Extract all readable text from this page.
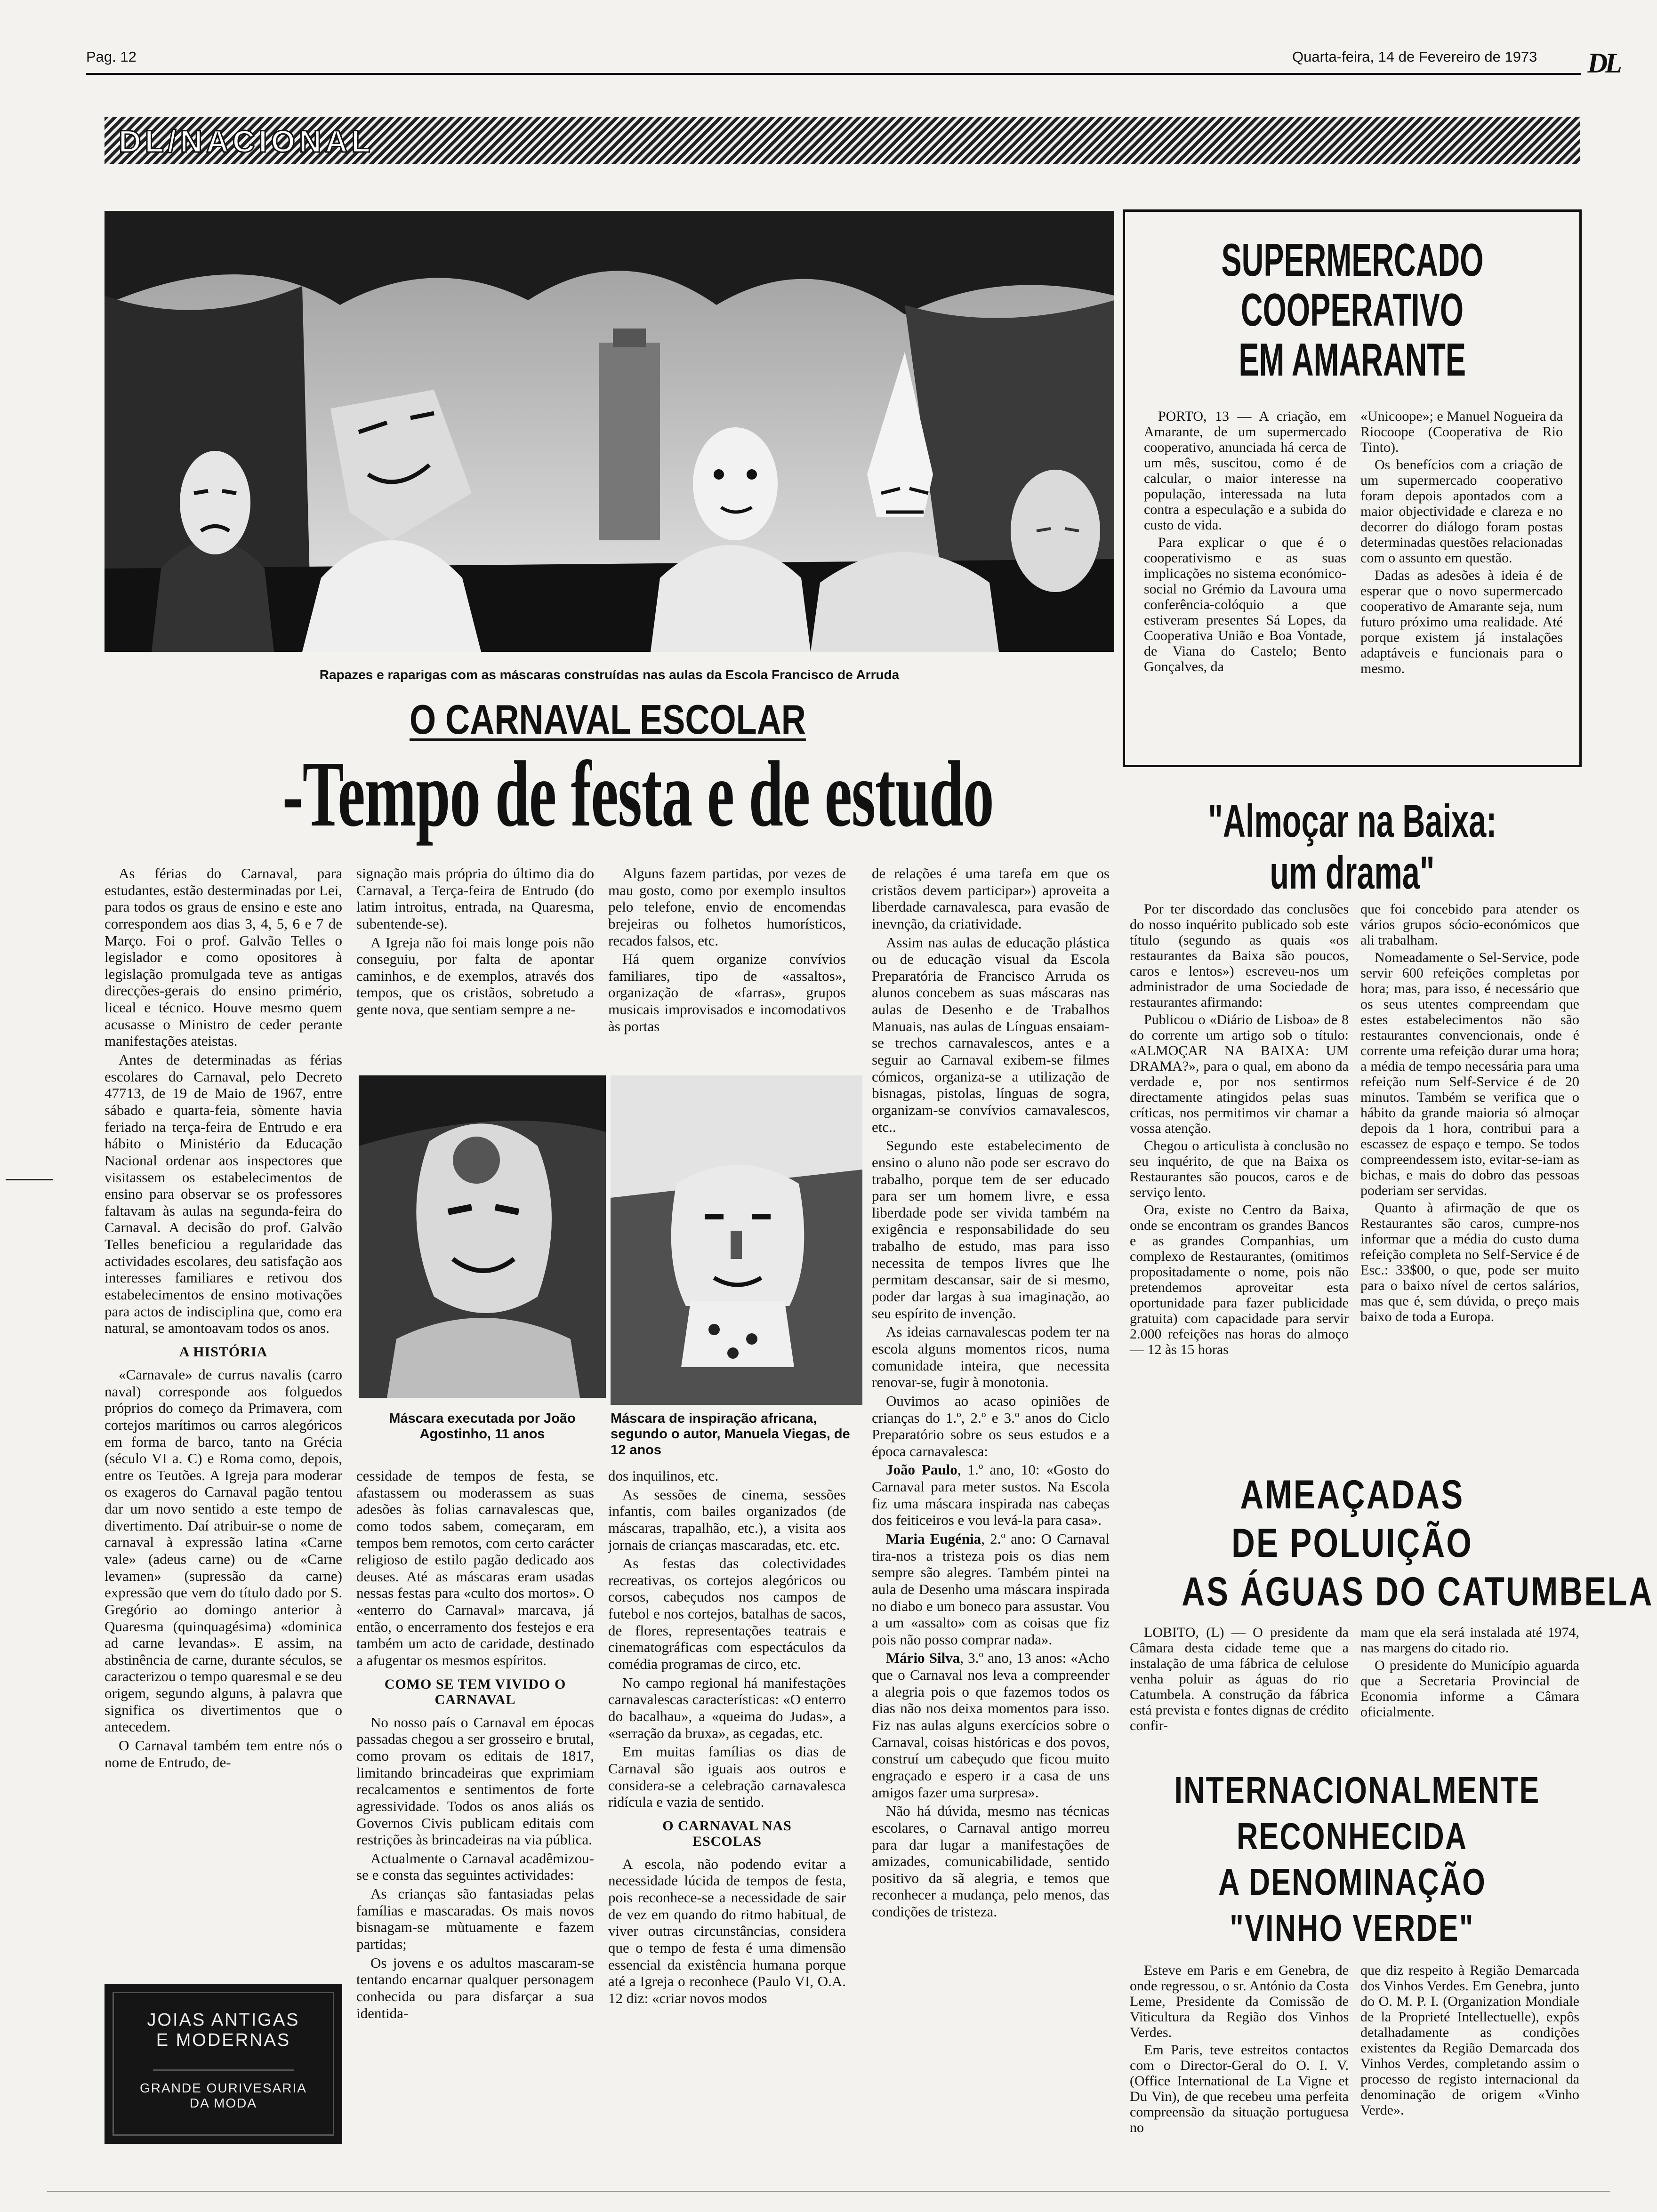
Pag. 12	Quarta-feira, 14 de Fevereiro de 1973 DL
DL/NACIONAL
Rapazes e raparigas com as máscaras construídas nas aulas da Escola Francisco de Arruda
O CARNAVAL ESCOLAR
-Tempo de festa e de estudo

As férias do Carnaval, para estudantes, estão desterminadas por Lei, para todos os graus de ensino e este ano correspondem aos dias 3, 4, 5, 6 e 7 de Março. Foi o prof. Galvão Telles o legislador e como opositores à legislação promulgada teve as antigas direcções-gerais do ensino primério, liceal e técnico. Houve mesmo quem acusasse o Ministro de ceder perante manifestações ateistas.

Antes de determinadas as férias escolares do Carnaval, pelo Decreto 47713, de 19 de Maio de 1967, entre sábado e quarta-feia, sòmente havia feriado na terça-feira de Entrudo e era hábito o Ministério da Educação Nacional ordenar aos inspectores que visitassem os estabelecimentos de ensino para observar se os professores faltavam às aulas na segunda-feira do Carnaval. A decisão do prof. Galvão Telles beneficiou a regularidade das actividades escolares, deu satisfação aos interesses familiares e retivou dos estabelecimentos de ensino motivações para actos de indisciplina que, como era natural, se amontoavam todos os anos.

A HISTÓRIA

«Carnavale» de currus navalis (carro naval) corresponde aos folguedos próprios do começo da Primavera, com cortejos marítimos ou carros alegóricos em forma de barco, tanto na Grécia (século VI a. C) e Roma como, depois, entre os Teutões. A Igreja para moderar os exageros do Carnaval pagão tentou dar um novo sentido a este tempo de divertimento. Daí atribuir-se o nome de carnaval à expressão latina «Carne vale» (adeus carne) ou de «Carne levamen» (supressão da carne) expressão que vem do título dado por S. Gregório ao domingo anterior à Quaresma (quinquagésima) «dominica ad carne levandas». E assim, na abstinência de carne, durante séculos, se caracterizou o tempo quaresmal e se deu origem, segundo alguns, à palavra que significa os divertimentos que o antecedem.

O Carnaval também tem entre nós o nome de Entrudo, de-

JOIAS ANTIGAS
E MODERNAS
GRANDE OURIVESARIA
DA MODA

signação mais própria do último dia do Carnaval, a Terça-feira de Entrudo (do latim introitus, entrada, na Quaresma, subentende-se).

A Igreja não foi mais longe pois não conseguiu, por falta de apontar caminhos, e de exemplos, através dos tempos, que os cristãos, sobretudo a gente nova, que sentiam sempre a ne-

Alguns fazem partidas, por vezes de mau gosto, como por exemplo insultos pelo telefone, envio de encomendas brejeiras ou folhetos humorísticos, recados falsos, etc.

Há quem organize convívios familiares, tipo de «assaltos», organização de «farras», grupos musicais improvisados e incomodativos às portas

Máscara executada por João Agostinho, 11 anos
Máscara de inspiração africana, segundo o autor, Manuela Viegas, de 12 anos

cessidade de tempos de festa, se afastassem ou moderassem as suas adesões às folias carnavalescas que, como todos sabem, começaram, em tempos bem remotos, com certo carácter religioso de estilo pagão dedicado aos deuses. Até as máscaras eram usadas nessas festas para «culto dos mortos». O «enterro do Carnaval» marcava, já então, o encerramento dos festejos e era também um acto de caridade, destinado a afugentar os mesmos espíritos.

COMO SE TEM VIVIDO O CARNAVAL

No nosso país o Carnaval em épocas passadas chegou a ser grosseiro e brutal, como provam os editais de 1817, limitando brincadeiras que exprimiam recalcamentos e sentimentos de forte agressividade. Todos os anos aliás os Governos Civis publicam editais com restrições às brincadeiras na via pública.

Actualmente o Carnaval acadêmizou-se e consta das seguintes actividades:

As crianças são fantasiadas pelas famílias e mascaradas. Os mais novos bisnagam-se mùtuamente e fazem partidas;

Os jovens e os adultos mascaram-se tentando encarnar qualquer personagem conhecida ou para disfarçar a sua identida-

dos inquilinos, etc.

As sessões de cinema, sessões infantis, com bailes organizados (de máscaras, trapalhão, etc.), a visita aos jornais de crianças mascaradas, etc. etc.

As festas das colectividades recreativas, os cortejos alegóricos ou corsos, cabeçudos nos campos de futebol e nos cortejos, batalhas de sacos, de flores, representações teatrais e cinematográficas com espectáculos da comédia programas de circo, etc.

No campo regional há manifestações carnavalescas características: «O enterro do bacalhau», a «queima do Judas», a «serração da bruxa», as cegadas, etc.

Em muitas famílias os dias de Carnaval são iguais aos outros e considera-se a celebração carnavalesca ridícula e vazia de sentido.

O CARNAVAL NAS ESCOLAS

A escola, não podendo evitar a necessidade lúcida de tempos de festa, pois reconhece-se a necessidade de sair de vez em quando do ritmo habitual, de viver outras circunstâncias, considera que o tempo de festa é uma dimensão essencial da existência humana porque até a Igreja o reconhece (Paulo VI, O.A. 12 diz: «criar novos modos

de relações é uma tarefa em que os cristãos devem participar») aproveita a liberdade carnavalesca, para evasão de inevnção, da criatividade.

Assim nas aulas de educação plástica ou de educação visual da Escola Preparatória de Francisco Arruda os alunos concebem as suas máscaras nas aulas de Desenho e de Trabalhos Manuais, nas aulas de Línguas ensaiam-se trechos carnavalescos, antes e a seguir ao Carnaval exibem-se filmes cómicos, organiza-se a utilização de bisnagas, pistolas, línguas de sogra, organizam-se convívios carnavalescos, etc..

Segundo este estabelecimento de ensino o aluno não pode ser escravo do trabalho, porque tem de ser educado para ser um homem livre, e essa liberdade pode ser vivida também na exigência e responsabilidade do seu trabalho de estudo, mas para isso necessita de tempos livres que lhe permitam descansar, sair de si mesmo, poder dar largas à sua imaginação, ao seu espírito de invenção.

As ideias carnavalescas podem ter na escola alguns momentos ricos, numa comunidade inteira, que necessita renovar-se, fugir à monotonia.

Ouvimos ao acaso opiniões de crianças do 1.º, 2.º e 3.º anos do Ciclo Preparatório sobre os seus estudos e a época carnavalesca:

João Paulo, 1.º ano, 10: «Gosto do Carnaval para meter sustos. Na Escola fiz uma máscara inspirada nas cabeças dos feiticeiros e vou levá-la para casa».

Maria Eugénia, 2.º ano: O Carnaval tira-nos a tristeza pois os dias nem sempre são alegres. Também pintei na aula de Desenho uma máscara inspirada no diabo e um boneco para assustar. Vou a um «assalto» com as coisas que fiz pois não posso comprar nada».

Mário Silva, 3.º ano, 13 anos: «Acho que o Carnaval nos leva a compreender a alegria pois o que fazemos todos os dias não nos deixa momentos para isso. Fiz nas aulas alguns exercícios sobre o Carnaval, coisas históricas e dos povos, construí um cabeçudo que ficou muito engraçado e espero ir a casa de uns amigos fazer uma surpresa».

Não há dúvida, mesmo nas técnicas escolares, o Carnaval antigo morreu para dar lugar a manifestações de amizades, comunicabilidade, sentido positivo da sã alegria, e temos que reconhecer a mudança, pelo menos, das condições de tristeza.

SUPERMERCADO
COOPERATIVO
EM AMARANTE

PORTO, 13 — A criação, em Amarante, de um supermercado cooperativo, anunciada há cerca de um mês, suscitou, como é de calcular, o maior interesse na população, interessada na luta contra a especulação e a subida do custo de vida.

Para explicar o que é o cooperativismo e as suas implicações no sistema económico-social no Grémio da Lavoura uma conferência-colóquio a que estiveram presentes Sá Lopes, da Cooperativa União e Boa Vontade, de Viana do Castelo; Bento Gonçalves, da

«Unicoope»; e Manuel Nogueira da Riocoope (Cooperativa de Rio Tinto).

Os benefícios com a criação de um supermercado cooperativo foram depois apontados com a maior objectividade e clareza e no decorrer do diálogo foram postas determinadas questões relacionadas com o assunto em questão.

Dadas as adesões à ideia é de esperar que o novo supermercado cooperativo de Amarante seja, num futuro próximo uma realidade. Até porque existem já instalações adaptáveis e funcionais para o mesmo.

"Almoçar na Baixa:
um drama"

Por ter discordado das conclusões do nosso inquérito publicado sob este título (segundo as quais «os restaurantes da Baixa são poucos, caros e lentos») escreveu-nos um administrador de uma Sociedade de restaurantes afirmando:

Publicou o «Diário de Lisboa» de 8 do corrente um artigo sob o título: «ALMOÇAR NA BAIXA: UM DRAMA?», para o qual, em abono da verdade e, por nos sentirmos directamente atingidos pelas suas críticas, nos permitimos vir chamar a vossa atenção.

Chegou o articulista à conclusão no seu inquérito, de que na Baixa os Restaurantes são poucos, caros e de serviço lento.

Ora, existe no Centro da Baixa, onde se encontram os grandes Bancos e as grandes Companhias, um complexo de Restaurantes, (omitimos propositadamente o nome, pois não pretendemos aproveitar esta oportunidade para fazer publicidade gratuita) com capacidade para servir 2.000 refeições nas horas do almoço — 12 às 15 horas

que foi concebido para atender os vários grupos sócio-económicos que ali trabalham.

Nomeadamente o Sel-Service, pode servir 600 refeições completas por hora; mas, para isso, é necessário que os seus utentes compreendam que estes estabelecimentos não são restaurantes convencionais, onde é corrente uma refeição durar uma hora; a média de tempo necessária para uma refeição num Self-Service é de 20 minutos. Também se verifica que o hábito da grande maioria só almoçar depois da 1 hora, contribui para a escassez de espaço e tempo. Se todos compreendessem isto, evitar-se-iam as bichas, e mais do dobro das pessoas poderiam ser servidas.

Quanto à afirmação de que os Restaurantes são caros, cumpre-nos informar que a média do custo duma refeição completa no Self-Service é de Esc.: 33$00, o que, pode ser muito para o baixo nível de certos salários, mas que é, sem dúvida, o preço mais baixo de toda a Europa.

AMEAÇADAS
DE POLUIÇÃO
AS ÁGUAS DO CATUMBELA

LOBITO, (L) — O presidente da Câmara desta cidade teme que a instalação de uma fábrica de celulose venha poluir as águas do rio Catumbela. A construção da fábrica está prevista e fontes dignas de crédito confir-

mam que ela será instalada até 1974, nas margens do citado rio.

O presidente do Município aguarda que a Secretaria Provincial de Economia informe a Câmara oficialmente.

INTERNACIONALMENTE
RECONHECIDA
A DENOMINAÇÃO
"VINHO VERDE"

Esteve em Paris e em Genebra, de onde regressou, o sr. António da Costa Leme, Presidente da Comissão de Viticultura da Região dos Vinhos Verdes.

Em Paris, teve estreitos contactos com o Director-Geral do O. I. V. (Office International de La Vigne et Du Vin), de que recebeu uma perfeita compreensão da situação portuguesa no

que diz respeito à Região Demarcada dos Vinhos Verdes. Em Genebra, junto do O. M. P. I. (Organization Mondiale de la Proprieté Intellectuelle), expôs detalhadamente as condições existentes da Região Demarcada dos Vinhos Verdes, completando assim o processo de registo internacional da denominação de origem «Vinho Verde».
